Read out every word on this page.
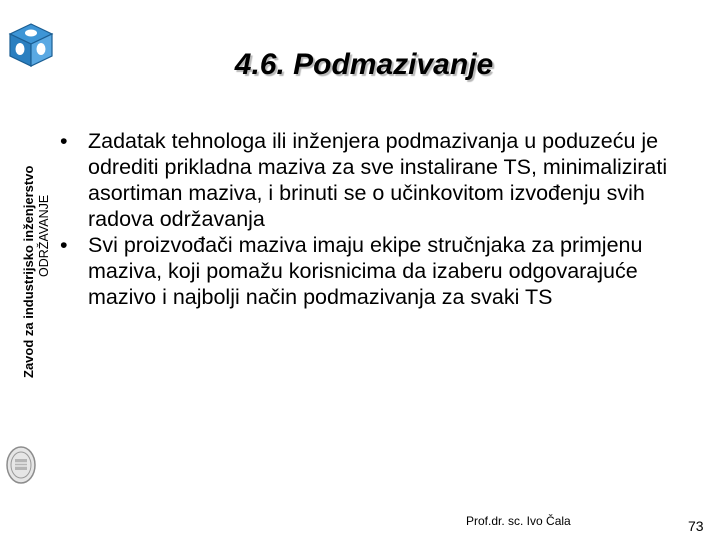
Zavod za industrijsko inženjerstvo ODRŽAVANJE
4.6. Podmazivanje
• Zadatak tehnologa ili inženjera podmazivanja u poduzeću je odrediti prikladna maziva za sve instalirane TS, minimalizirati asortiman maziva, i brinuti se o učinkovitom izvođenju svih radova održavanja
• Svi proizvođači maziva imaju ekipe stručnjaka za primjenu maziva, koji pomažu korisnicima da izaberu odgovarajuće mazivo i najbolji način podmazivanja za svaki TS
Prof.dr. sc. Ivo Čala	73
